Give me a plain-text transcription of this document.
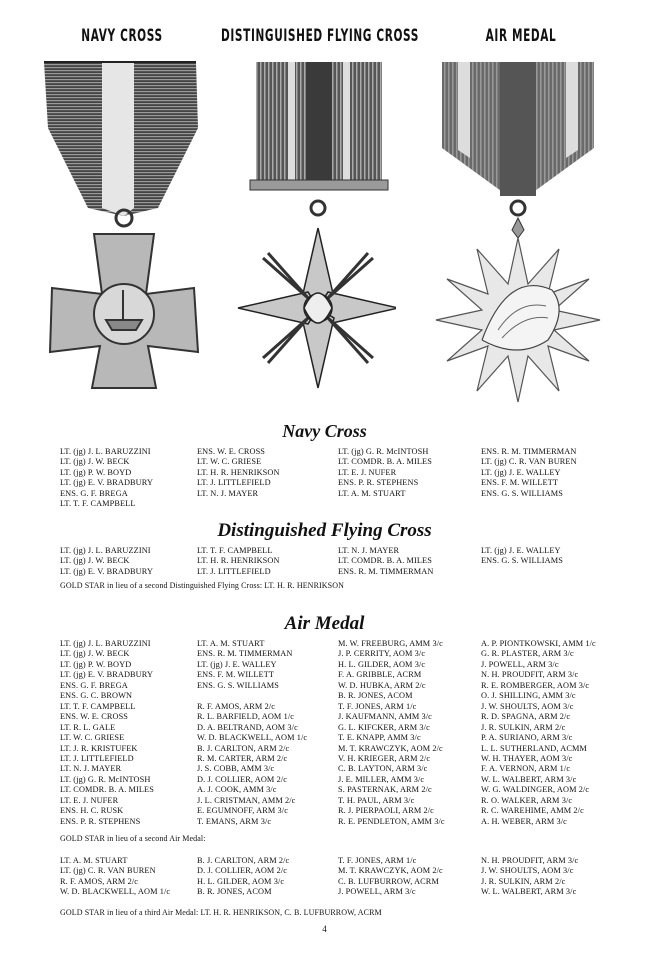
NAVY CROSS	DISTINGUISHED FLYING CROSS	AIR MEDAL
Navy Cross
LT. (jg) J. L. BARUZZINI
LT. (jg) J. W. BECK
LT. (jg) P. W. BOYD
LT. (jg) E. V. BRADBURY
ENS. G. F. BREGA
LT. T. F. CAMPBELL
ENS. W. E. CROSS
LT. W. C. GRIESE
LT. H. R. HENRIKSON
LT. J. LITTLEFIELD
LT. N. J. MAYER
LT. (jg) G. R. McINTOSH
LT. COMDR. B. A. MILES
LT. E. J. NUFER
ENS. P. R. STEPHENS
LT. A. M. STUART
ENS. R. M. TIMMERMAN
LT. (jg) C. R. VAN BUREN
LT. (jg) J. E. WALLEY
ENS. F. M. WILLETT
ENS. G. S. WILLIAMS
Distinguished Flying Cross
LT. (jg) J. L. BARUZZINI
LT. (jg) J. W. BECK
LT. (jg) E. V. BRADBURY
LT. T. F. CAMPBELL
LT. H. R. HENRIKSON
LT. J. LITTLEFIELD
LT. N. J. MAYER
LT. COMDR. B. A. MILES
ENS. R. M. TIMMERMAN
LT. (jg) J. E. WALLEY
ENS. G. S. WILLIAMS
GOLD STAR in lieu of a second Distinguished Flying Cross: LT. H. R. HENRIKSON
Air Medal
LT. (jg) J. L. BARUZZINI
LT. (jg) J. W. BECK
LT. (jg) P. W. BOYD
LT. (jg) E. V. BRADBURY
ENS. G. F. BREGA
ENS. G. C. BROWN
LT. T. F. CAMPBELL
ENS. W. E. CROSS
LT. R. L. GALE
LT. W. C. GRIESE
LT. J. R. KRISTUFEK
LT. J. LITTLEFIELD
LT. N. J. MAYER
LT. (jg) G. R. McINTOSH
LT. COMDR. B. A. MILES
LT. E. J. NUFER
ENS. H. C. RUSK
ENS. P. R. STEPHENS
LT. A. M. STUART
ENS. R. M. TIMMERMAN
LT. (jg) J. E. WALLEY
ENS. F. M. WILLETT
ENS. G. S. WILLIAMS
R. F. AMOS, ARM 2/c
R. L. BARFIELD, AOM 1/c
D. A. BELTRAND, AOM 3/c
W. D. BLACKWELL, AOM 1/c
B. J. CARLTON, ARM 2/c
R. M. CARTER, ARM 2/c
J. S. COBB, AMM 3/c
D. J. COLLIER, AOM 2/c
A. J. COOK, AMM 3/c
J. L. CRISTMAN, AMM 2/c
E. EGUMNOFF, ARM 3/c
T. EMANS, ARM 3/c
M. W. FREEBURG, AMM 3/c
J. P. CERRITY, AOM 3/c
H. L. GILDER, AOM 3/c
F. A. GRIBBLE, ACRM
W. D. HUBKA, ARM 2/c
B. R. JONES, ACOM
T. F. JONES, ARM 1/c
J. KAUFMANN, AMM 3/c
G. L. KIFCKER, ARM 3/c
T. E. KNAPP, AMM 3/c
M. T. KRAWCZYK, AOM 2/c
V. H. KRIEGER, ARM 2/c
C. B. LAYTON, ARM 3/c
J. E. MILLER, AMM 3/c
S. PASTERNAK, ARM 2/c
T. H. PAUL, ARM 3/c
R. J. PIERPAOLI, ARM 2/c
R. E. PENDLETON, AMM 3/c
A. P. PIONTKOWSKI, AMM 1/c
G. R. PLASTER, ARM 3/c
J. POWELL, ARM 3/c
N. H. PROUDFIT, ARM 3/c
R. E. ROMBERGER, AOM 3/c
O. J. SHILLING, AMM 3/c
J. W. SHOULTS, AOM 3/c
R. D. SPAGNA, ARM 2/c
J. R. SULKIN, ARM 2/c
P. A. SURIANO, ARM 3/c
L. L. SUTHERLAND, ACMM
W. H. THAYER, AOM 3/c
F. A. VERNON, ARM 1/c
W. L. WALBERT, ARM 3/c
W. G. WALDINGER, AOM 2/c
R. O. WALKER, ARM 3/c
R. C. WAREHIME, AMM 2/c
A. H. WEBER, ARM 3/c
GOLD STAR in lieu of a second Air Medal:
LT. A. M. STUART
LT. (jg) C. R. VAN BUREN
R. F. AMOS, ARM 2/c
W. D. BLACKWELL, AOM 1/c
B. J. CARLTON, ARM 2/c
D. J. COLLIER, AOM 2/c
H. L. GILDER, AOM 3/c
B. R. JONES, ACOM
T. F. JONES, ARM 1/c
M. T. KRAWCZYK, AOM 2/c
C. B. LUFBURROW, ACRM
J. POWELL, ARM 3/c
N. H. PROUDFIT, ARM 3/c
J. W. SHOULTS, AOM 3/c
J. R. SULKIN, ARM 2/c
W. L. WALBERT, ARM 3/c
GOLD STAR in lieu of a third Air Medal: LT. H. R. HENRIKSON, C. B. LUFBURROW, ACRM
4
